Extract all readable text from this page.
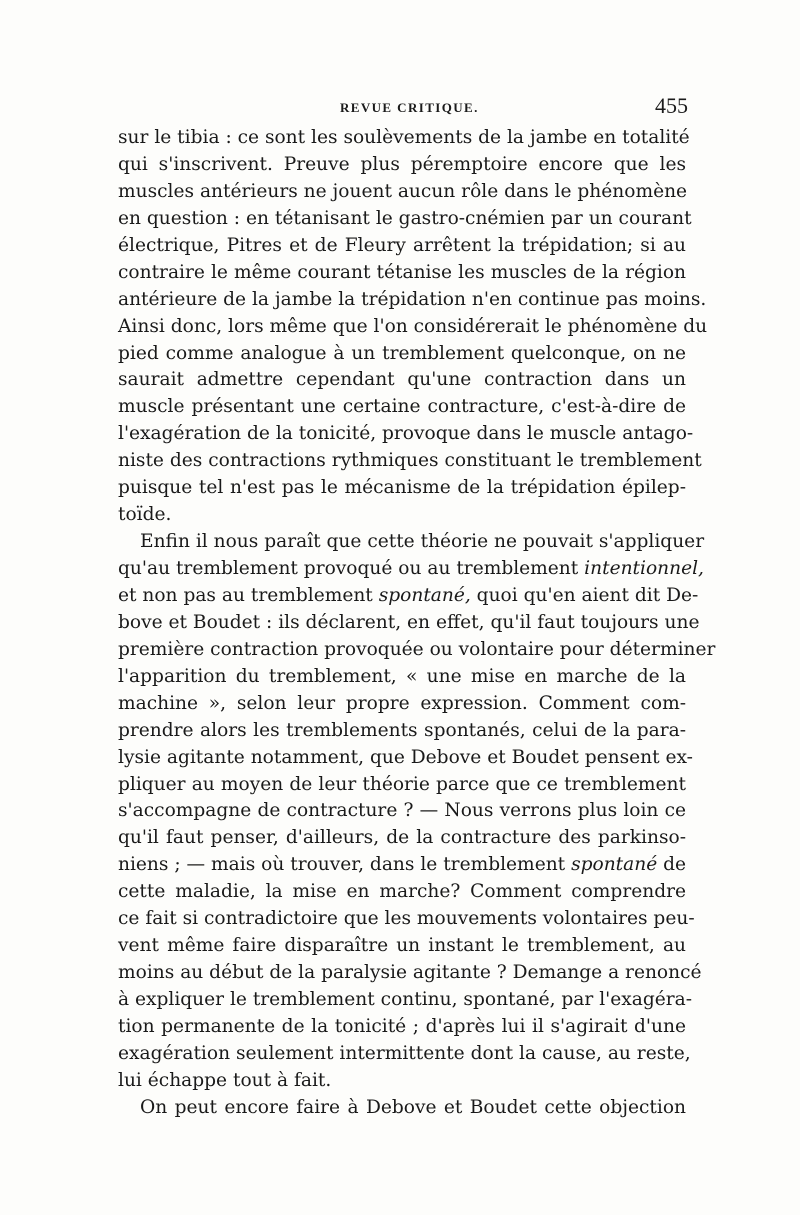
REVUE CRITIQUE.	455
sur le tibia : ce sont les soulèvements de la jambe en totalité
qui s'inscrivent. Preuve plus péremptoire encore que les
muscles antérieurs ne jouent aucun rôle dans le phénomène
en question : en tétanisant le gastro-cnémien par un courant
électrique, Pitres et de Fleury arrêtent la trépidation; si au
contraire le même courant tétanise les muscles de la région
antérieure de la jambe la trépidation n'en continue pas moins.
Ainsi donc, lors même que l'on considérerait le phénomène du
pied comme analogue à un tremblement quelconque, on ne
saurait admettre cependant qu'une contraction dans un
muscle présentant une certaine contracture, c'est-à-dire de
l'exagération de la tonicité, provoque dans le muscle antago-
niste des contractions rythmiques constituant le tremblement
puisque tel n'est pas le mécanisme de la trépidation épilep-
toïde.
Enfin il nous paraît que cette théorie ne pouvait s'appliquer
qu'au tremblement provoqué ou au tremblement intentionnel,
et non pas au tremblement spontané, quoi qu'en aient dit De-
bove et Boudet : ils déclarent, en effet, qu'il faut toujours une
première contraction provoquée ou volontaire pour déterminer
l'apparition du tremblement, « une mise en marche de la
machine », selon leur propre expression. Comment com-
prendre alors les tremblements spontanés, celui de la para-
lysie agitante notamment, que Debove et Boudet pensent ex-
pliquer au moyen de leur théorie parce que ce tremblement
s'accompagne de contracture ? — Nous verrons plus loin ce
qu'il faut penser, d'ailleurs, de la contracture des parkinso-
niens ; — mais où trouver, dans le tremblement spontané de
cette maladie, la mise en marche? Comment comprendre
ce fait si contradictoire que les mouvements volontaires peu-
vent même faire disparaître un instant le tremblement, au
moins au début de la paralysie agitante ? Demange a renoncé
à expliquer le tremblement continu, spontané, par l'exagéra-
tion permanente de la tonicité ; d'après lui il s'agirait d'une
exagération seulement intermittente dont la cause, au reste,
lui échappe tout à fait.
On peut encore faire à Debove et Boudet cette objection
